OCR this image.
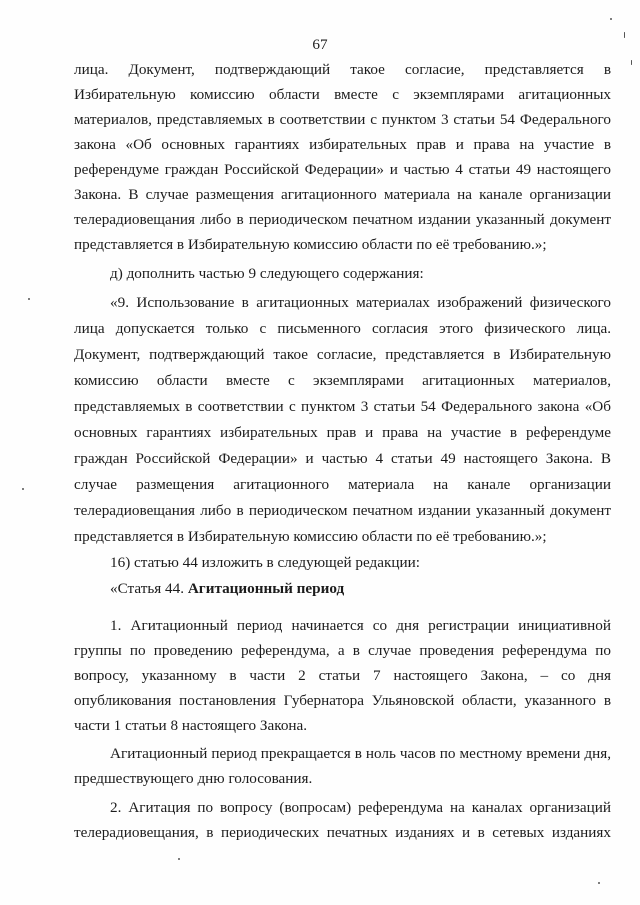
67
лица. Документ, подтверждающий такое согласие, представляется в
Избирательную комиссию области вместе с экземплярами агитационных
материалов, представляемых в соответствии с пунктом 3 статьи 54 Федерального
закона «Об основных гарантиях избирательных прав и права на участие в
референдуме граждан Российской Федерации» и частью 4 статьи 49 настоящего
Закона. В случае размещения агитационного материала на канале организации
телерадиовещания либо в периодическом печатном издании указанный документ
представляется в Избирательную комиссию области по её требованию.»;
д) дополнить частью 9 следующего содержания:
«9. Использование в агитационных материалах изображений физического
лица допускается только с письменного согласия этого физического лица.
Документ, подтверждающий такое согласие, представляется в Избирательную
комиссию области вместе с экземплярами агитационных материалов,
представляемых в соответствии с пунктом 3 статьи 54 Федерального закона «Об
основных гарантиях избирательных прав и права на участие в референдуме
граждан Российской Федерации» и частью 4 статьи 49 настоящего Закона. В
случае размещения агитационного материала на канале организации
телерадиовещания либо в периодическом печатном издании указанный документ
представляется в Избирательную комиссию области по её требованию.»;
16) статью 44 изложить в следующей редакции:
«Статья 44. Агитационный период
1. Агитационный период начинается со дня регистрации инициативной
группы по проведению референдума, а в случае проведения референдума по
вопросу, указанному в части 2 статьи 7 настоящего Закона, – со дня
опубликования постановления Губернатора Ульяновской области, указанного в
части 1 статьи 8 настоящего Закона.
Агитационный период прекращается в ноль часов по местному времени дня,
предшествующего дню голосования.
2. Агитация по вопросу (вопросам) референдума на каналах организаций
телерадиовещания, в периодических печатных изданиях и в сетевых изданиях
